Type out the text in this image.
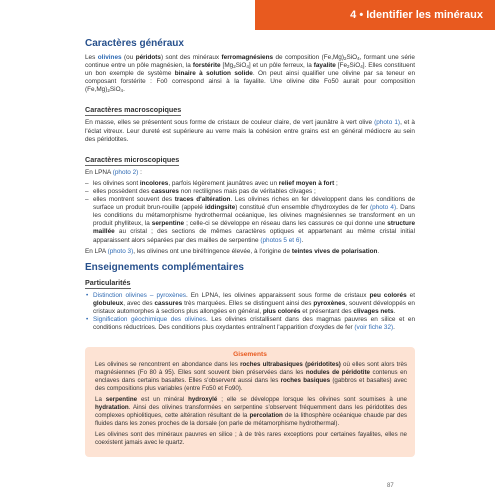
4 • Identifier les minéraux
Caractères généraux

Les olivines (ou péridots) sont des minéraux ferromagnésiens de composition $(Fe,Mg)_2SiO_4$, formant une série continue entre un pôle magnésien, la forstérite $[Mg_2SiO_4]$ et un pôle ferreux, la fayalite $[Fe_2SiO_4]$. Elles constituent un bon exemple de système binaire à solution solide. On peut ainsi qualifier une olivine par sa teneur en composant forstérite : Fo0 correspond ainsi à la fayalite. Une olivine dite Fo50 aurait pour composition $(Fe,Mg)_2SiO_4$.

Caractères macroscopiques

En masse, elles se présentent sous forme de cristaux de couleur claire, de vert jaunâtre à vert olive (photo 1), et à l'éclat vitreux. Leur dureté est supérieure au verre mais la cohésion entre grains est en général médiocre au sein des péridotites.

Caractères microscopiques

En LPNA (photo 2) :

– les olivines sont incolores, parfois légèrement jaunâtres avec un relief moyen à fort ;
– elles possèdent des cassures non rectilignes mais pas de véritables clivages ;
– elles montrent souvent des traces d'altération. Les olivines riches en fer développent dans les conditions de surface un produit brun-rouille (appelé iddingsite) constitué d'un ensemble d'hydroxydes de fer (photo 4). Dans les conditions du métamorphisme hydrothermal océanique, les olivines magnésiennes se transforment en un produit phylliteux, la serpentine ; celle-ci se développe en réseau dans les cassures ce qui donne une structure maillée au cristal ; des sections de mêmes caractères optiques et appartenant au même cristal initial apparaissent alors séparées par des mailles de serpentine (photos 5 et 6).

En LPA (photo 3), les olivines ont une biréfringence élevée, à l'origine de teintes vives de polarisation.

Enseignements complémentaires
Particularités
• Distinction olivines – pyroxènes. En LPNA, les olivines apparaissent sous forme de cristaux peu colorés et globuleux, avec des cassures très marquées. Elles se distinguent ainsi des pyroxènes, souvent développés en cristaux automorphes à sections plus allongées en général, plus colorés et présentant des clivages nets.
• Signification géochimique des olivines. Les olivines cristallisent dans des magmas pauvres en silice et en conditions réductrices. Des conditions plus oxydantes entraînent l'apparition d'oxydes de fer (voir fiche 32).
Gisements

Les olivines se rencontrent en abondance dans les roches ultrabasiques (péridotites) où elles sont alors très magnésiennes (Fo 80 à 95). Elles sont souvent bien préservées dans les nodules de péridotite contenus en enclaves dans certains basaltes. Elles s'observent aussi dans les roches basiques (gabbros et basaltes) avec des compositions plus variables (entre Fo50 et Fo90).

La serpentine est un minéral hydroxylé ; elle se développe lorsque les olivines sont soumises à une hydratation. Ainsi des olivines transformées en serpentine s'observent fréquemment dans les péridotites des complexes ophiolitiques, cette altération résultant de la percolation de la lithosphère océanique chaude par des fluides dans les zones proches de la dorsale (on parle de métamorphisme hydrothermal).

Les olivines sont des minéraux pauvres en silice ; à de très rares exceptions pour certaines fayalites, elles ne coexistent jamais avec le quartz.

87
